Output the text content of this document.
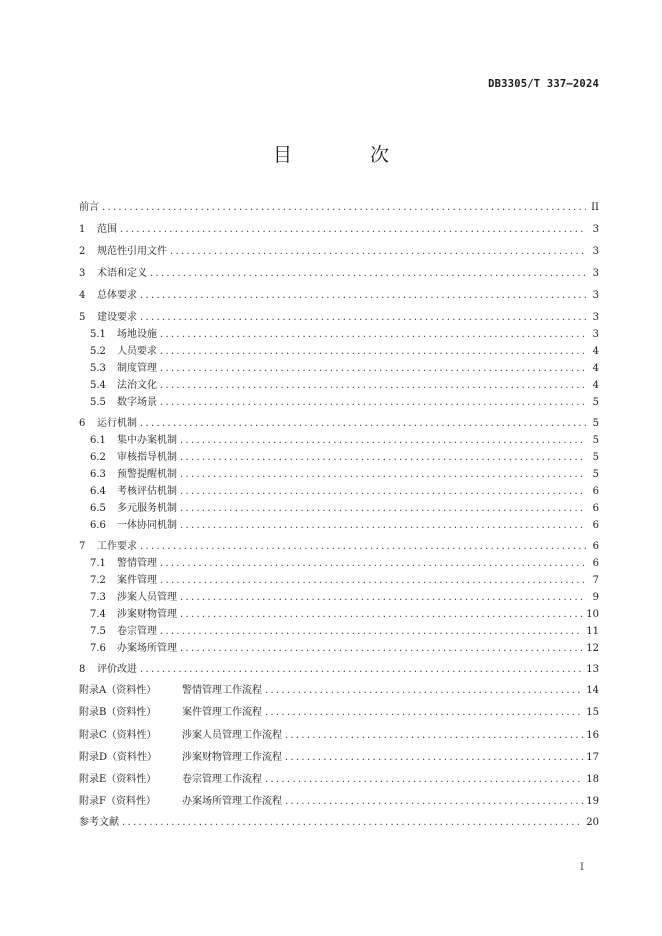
DB3305/T 337—2024
目 次
前言 .....	II
1	范围 .....	3
2	规范性引用文件 .....	3
3	术语和定义 .....	3
4	总体要求 .....	3
5	建设要求 .....	3
5.1	场地设施 .....	3
5.2	人员要求 .....	4
5.3	制度管理 .....	4
5.4	法治文化 .....	4
5.5	数字场景 .....	5
6	运行机制 .....	5
6.1	集中办案机制 .....	5
6.2	审核指导机制 .....	5
6.3	预警提醒机制 .....	5
6.4	考核评估机制 .....	6
6.5	多元服务机制 .....	6
6.6	一体协同机制 .....	6
7	工作要求 .....	6
7.1	警情管理 .....	6
7.2	案件管理 .....	7
7.3	涉案人员管理 .....	9
7.4	涉案财物管理 .....	10
7.5	卷宗管理 .....	11
7.6	办案场所管理 .....	12
8	评价改进 .....	13
附录A（资料性）	警情管理工作流程 .....	14
附录B（资料性）	案件管理工作流程 .....	15
附录C（资料性）	涉案人员管理工作流程 .....	16
附录D（资料性）	涉案财物管理工作流程 .....	17
附录E（资料性）	卷宗管理工作流程 .....	18
附录F（资料性）	办案场所管理工作流程 .....	19
参考文献 .....	20
I
